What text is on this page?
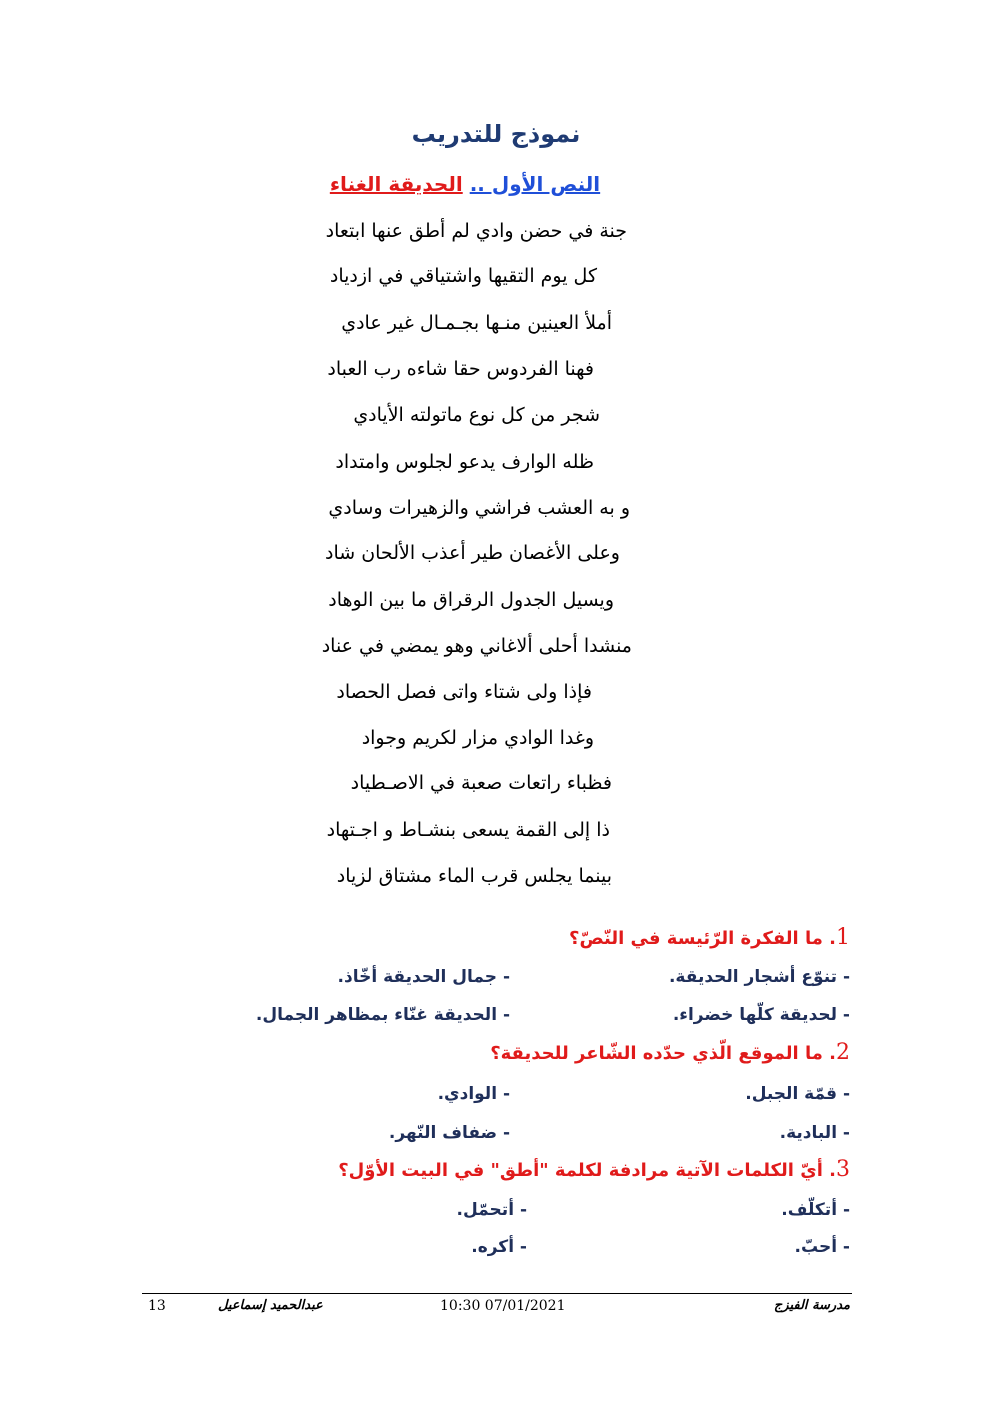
نموذج للتدريب
النص الأول .. الحديقة الغناء
جنة في حضن وادي لم أطق عنها ابتعاد
كل يوم التقيها واشتياقي في ازدياد
أملأ العينين منـها بجـمـال غير عادي
فهنا الفردوس حقا شاءه رب العباد
شجر من كل نوع ماتولته الأيادي
ظله الوارف يدعو لجلوس وامتداد
و به العشب فراشي والزهيرات وسادي
وعلى الأغصان طير أعذب الألحان شاد
ويسيل الجدول الرقراق ما بين الوهاد
منشدا أحلى ألاغاني وهو يمضي في عناد
فإذا ولى شتاء واتى فصل الحصاد
وغدا الوادي مزار لكريم وجواد
فظباء راتعات صعبة في الاصـطياد
ذا إلى القمة يسعى بنشـاط و اجـتهاد
بينما يجلس قرب الماء مشتاق لزياد
1. ما الفكرة الرّئيسة في النّصّ؟
- تنوّع أشجار الحديقة.
- جمال الحديقة أخّاذ.
- لحديقة كلّها خضراء.
- الحديقة غنّاء بمظاهر الجمال.
2. ما الموقع الّذي حدّده الشّاعر للحديقة؟
- قمّة الجبل.
- الوادي.
- البادية.
- ضفاف النّهر.
3. أيّ الكلمات الآتية مرادفة لكلمة "أطق" في البيت الأوّل؟
- أتكلّف.
- أتحمّل.
- أحبّ.
- أكره.
13	عبدالحميد إسماعيل	10:30 07/01/2021	مدرسة الفيزج
